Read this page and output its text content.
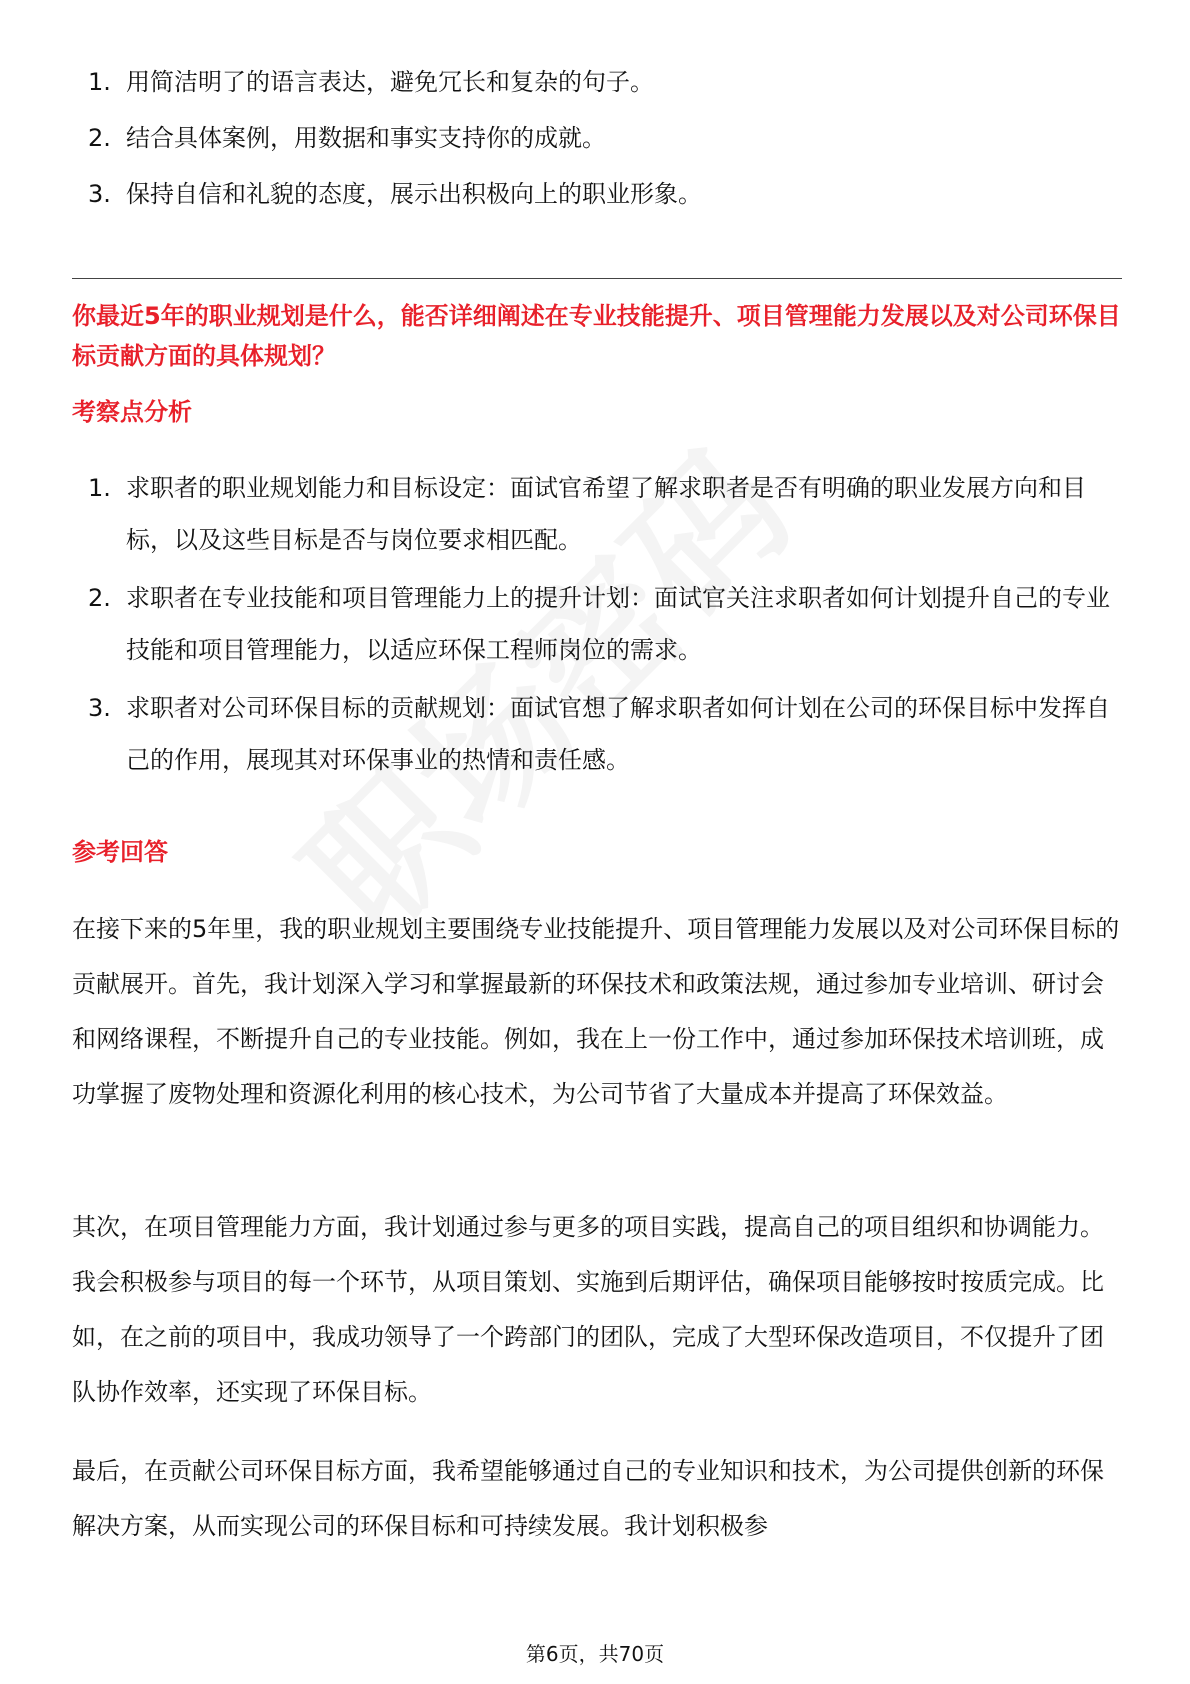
1. 用简洁明了的语言表达，避免冗长和复杂的句子。
2. 结合具体案例，用数据和事实支持你的成就。
3. 保持自信和礼貌的态度，展示出积极向上的职业形象。
你最近5年的职业规划是什么，能否详细阐述在专业技能提升、项目管理能力发展以及对公司环保目标贡献方面的具体规划？
考察点分析
1. 求职者的职业规划能力和目标设定：面试官希望了解求职者是否有明确的职业发展方向和目标，以及这些目标是否与岗位要求相匹配。
2. 求职者在专业技能和项目管理能力上的提升计划：面试官关注求职者如何计划提升自己的专业技能和项目管理能力，以适应环保工程师岗位的需求。
3. 求职者对公司环保目标的贡献规划：面试官想了解求职者如何计划在公司的环保目标中发挥自己的作用，展现其对环保事业的热情和责任感。
参考回答

在接下来的5年里，我的职业规划主要围绕专业技能提升、项目管理能力发展以及对公司环保目标的贡献展开。首先，我计划深入学习和掌握最新的环保技术和政策法规，通过参加专业培训、研讨会和网络课程，不断提升自己的专业技能。例如，我在上一份工作中，通过参加环保技术培训班，成功掌握了废物处理和资源化利用的核心技术，为公司节省了大量成本并提高了环保效益。

其次，在项目管理能力方面，我计划通过参与更多的项目实践，提高自己的项目组织和协调能力。我会积极参与项目的每一个环节，从项目策划、实施到后期评估，确保项目能够按时按质完成。比如，在之前的项目中，我成功领导了一个跨部门的团队，完成了大型环保改造项目，不仅提升了团队协作效率，还实现了环保目标。

最后，在贡献公司环保目标方面，我希望能够通过自己的专业知识和技术，为公司提供创新的环保解决方案，从而实现公司的环保目标和可持续发展。我计划积极参

第6页，共70页
